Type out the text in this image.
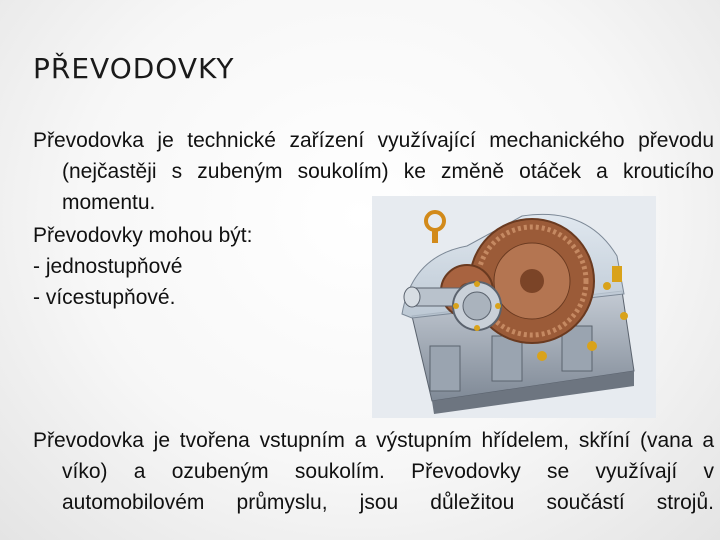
PŘEVODOVKY

Převodovka je technické zařízení využívající mechanického převodu (nejčastěji s zubeným soukolím) ke změně otáček a krouticího momentu.

Převodovky mohou být:

- jednostupňové

- vícestupňové.

Převodovka je tvořena vstupním a výstupním hřídelem, skříní (vana a víko) a ozubeným soukolím. Převodovky se využívají v automobilovém průmyslu, jsou důležitou součástí strojů.
